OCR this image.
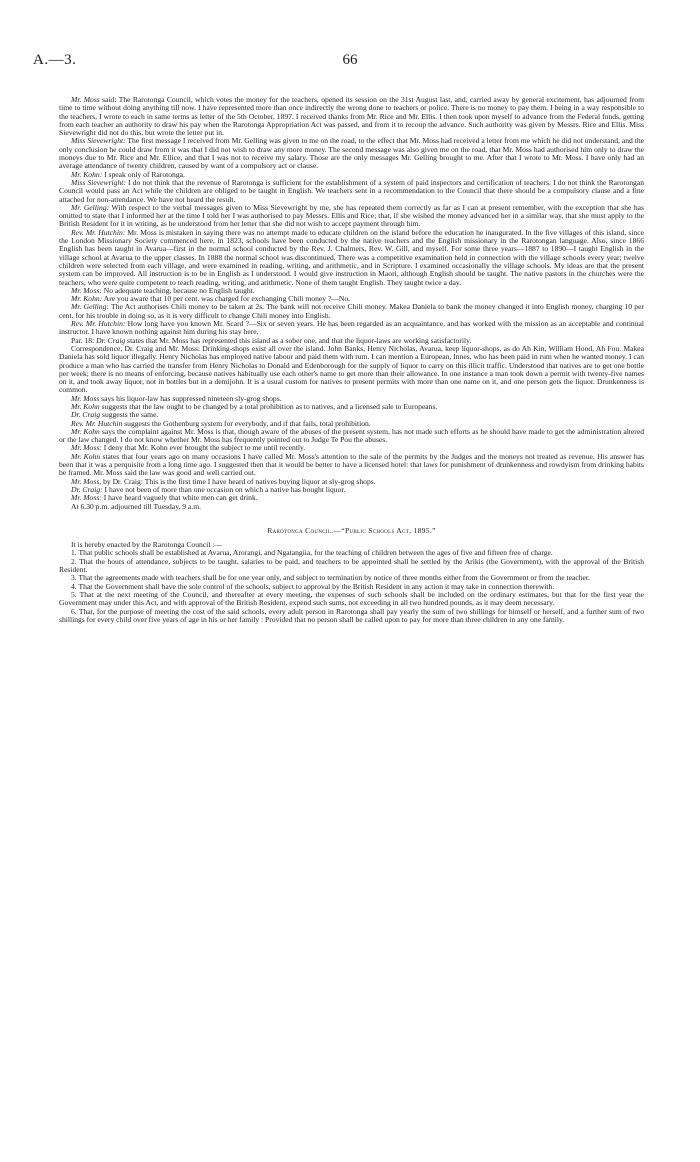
A.—3.	66

Mr. Moss said: The Rarotonga Council, which votes the money for the teachers, opened its session on the 31st August last, and, carried away by general excitement, has adjourned from time to time without doing anything till now. I have represented more than once indirectly the wrong done to teachers or police. There is no money to pay them. I being in a way responsible to the teachers, I wrote to each in same terms as letter of the 5th October, 1897. I received thanks from Mr. Rice and Mr. Ellis. I then took upon myself to advance from the Federal funds, getting from each teacher an authority to draw his pay when the Rarotonga Appropriation Act was passed, and from it to recoup the advance. Such authority was given by Messrs. Rice and Ellis. Miss Sievewright did not do this, but wrote the letter put in.

Miss Sievewright: The first message I received from Mr. Gelling was given to me on the road, to the effect that Mr. Moss had received a letter from me which he did not understand, and the only conclusion he could draw from it was that I did not wish to draw any more money. The second message was also given me on the road, that Mr. Moss had authorised him only to draw the moneys due to Mr. Rice and Mr. Ellice, and that I was not to receive my salary. Those are the only messages Mr. Gelling brought to me. After that I wrote to Mr. Moss. I have only had an average attendance of twenty children, caused by want of a compulsory act or clause.

Mr. Kohn: I speak only of Rarotonga.

Miss Sievewright: I do not think that the revenue of Rarotonga is sufficient for the establishment of a system of paid inspectors and certification of teachers. I do not think the Rarotongan Council would pass an Act while the children are obliged to be taught in English. We teachers sent in a recommendation to the Council that there should be a compulsory clause and a fine attached for non-attendance. We have not heard the result.

Mr. Gelling: With respect to the verbal messages given to Miss Sievewright by me, she has repeated them correctly as far as I can at present remember, with the exception that she has omitted to state that I informed her at the time I told her I was authorised to pay Messrs. Ellis and Rice; that, if she wished the money advanced her in a similar way, that she must apply to the British Resident for it in writing, as he understood from her letter that she did not wish to accept payment through him.

Rev. Mr. Hutchin: Mr. Moss is mistaken in saying there was no attempt made to educate children on the island before the education he inaugurated. In the five villages of this island, since the London Missionary Society commenced here, in 1823, schools have been conducted by the native teachers and the English missionary in the Rarotongan language. Also, since 1866 English has been taught in Avarua—first in the normal school conducted by the Rev. J. Chalmers, Rev. W. Gill, and myself. For some three years—1887 to 1890—I taught English in the village school at Avarua to the upper classes. In 1888 the normal school was discontinued. There was a competitive examination held in connection with the village schools every year; twelve children were selected from each village, and were examined in reading, writing, and arithmetic, and in Scripture. I examined occasionally the village schools. My ideas are that the present system can be improved. All instruction is to be in English as I understood. I would give instruction in Maori, although English should be taught. The native pastors in the churches were the teachers, who were quite competent to teach reading, writing, and arithmetic. None of them taught English. They taught twice a day.

Mr. Moss: No adequate teaching, because no English taught.

Mr. Kohn: Are you aware that 10 per cent. was charged for exchanging Chili money ?—No.

Mr. Gelling: The Act authorises Chili money to be taken at 2s. The bank will not receive Chili money. Makea Daniela to bank the money changed it into English money, charging 10 per cent. for his trouble in doing so, as it is very difficult to change Chili money into English.

Rev. Mr. Hutchin: How long have you known Mr. Scard ?—Six or seven years. He has been regarded as an acquaintance, and has worked with the mission as an acceptable and continual instructor. I have known nothing against him during his stay here.

Par. 18: Dr. Craig states that Mr. Moss has represented this island as a sober one, and that the liquor-laws are working satisfactorily.

Correspondence, Dr. Craig and Mr. Moss: Drinking-shops exist all over the island. John Banks, Henry Nicholas, Avarua, keep liquor-shops, as do Ah Kin, William Hood, Ah Fou. Makea Daniela has sold liquor illegally. Henry Nicholas has employed native labour and paid them with rum. I can mention a European, Innes, who has been paid in rum when he wanted money. I can produce a man who has carried the transfer from Henry Nicholas to Donald and Edenborough for the supply of liquor to carry on this illicit traffic. Understood that natives are to get one bottle per week; there is no means of enforcing, because natives habitually use each other's name to get more than their allowance. In one instance a man took down a permit with twenty-five names on it, and took away liquor, not in bottles but in a demijohn. It is a usual custom for natives to present permits with more than one name on it, and one person gets the liquor. Drunkenness is common.

Mr. Moss says his liquor-law has suppressed nineteen sly-grog shops.

Mr. Kohn suggests that the law ought to be changed by a total prohibition as to natives, and a licensed sale to Europeans.

Dr. Craig suggests the same.

Rev. Mr. Hutchin suggests the Gothenburg system for everybody, and if that fails, total prohibition.

Mr. Kohn says the complaint against Mr. Moss is that, though aware of the abuses of the present system, has not made such efforts as he should have made to get the administration altered or the law changed. I do not know whether Mr. Moss has frequently pointed out to Judge Te Pou the abuses.

Mr. Moss: I deny that Mr. Kohn ever brought the subject to me until recently.

Mr. Kohn states that four years ago on many occasions I have called Mr. Moss's attention to the sale of the permits by the Judges and the moneys not treated as revenue. His answer has been that it was a perquisite from a long time ago. I suggested then that it would be better to have a licensed hotel: that laws for punishment of drunkenness and rowdyism from drinking habits be framed. Mr. Moss said the law was good and well carried out.

Mr. Moss, by Dr. Craig: This is the first time I have heard of natives buying liquor at sly-grog shops.

Dr. Craig: I have not been of more than one occasion on which a native has bought liquor.

Mr. Moss: I have heard vaguely that white men can get drink.

At 6.30 p.m. adjourned till Tuesday, 9 a.m.

Rarotonga Council.—“Public Schools Act, 1895.”

It is hereby enacted by the Rarotonga Council :—

1. That public schools shall be established at Avarua, Arorangi, and Ngatangiia, for the teaching of children between the ages of five and fifteen free of charge.

2. That the hours of attendance, subjects to be taught, salaries to be paid, and teachers to be appointed shall be settled by the Arikis (the Government), with the approval of the British Resident.

3. That the agreements made with teachers shall be for one year only, and subject to termination by notice of three months either from the Government or from the teacher.

4. That the Government shall have the sole control of the schools, subject to approval by the British Resident in any action it may take in connection therewith.

5. That at the next meeting of the Council, and thereafter at every meeting, the expenses of such schools shall be included on the ordinary estimates, but that for the first year the Government may under this Act, and with approval of the British Resident, expend such sums, not exceeding in all two hundred pounds, as it may deem necessary.

6. That, for the purpose of meeting the cost of the said schools, every adult person in Rarotonga shall pay yearly the sum of two shillings for himself or herself, and a further sum of two shillings for every child over five years of age in his or her family : Provided that no person shall be called upon to pay for more than three children in any one family.
